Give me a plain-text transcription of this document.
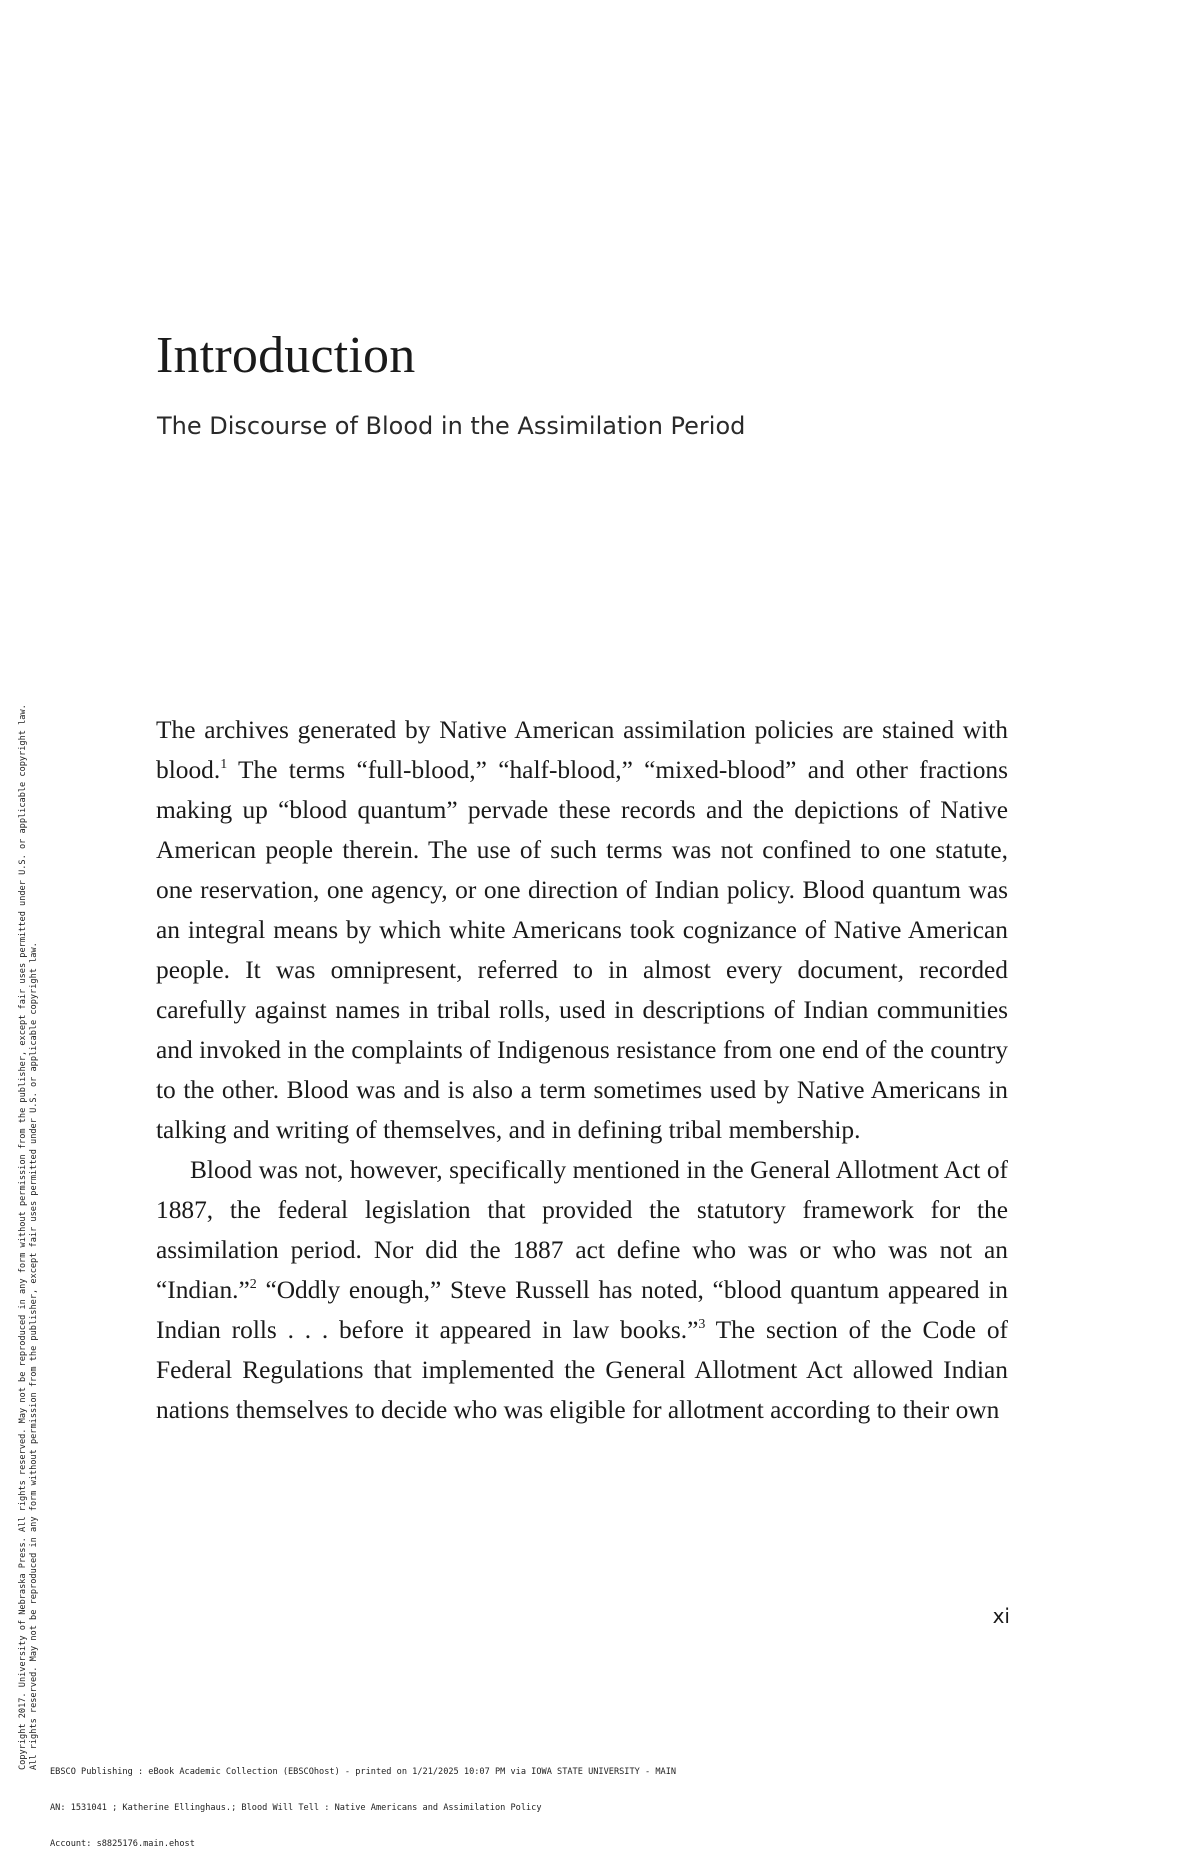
Introduction
The Discourse of Blood in the Assimilation Period

The archives generated by Native American assimilation policies are stained with blood.$^1$ The terms “full-blood,” “half-blood,” “mixed-blood” and other fractions making up “blood quantum” pervade these records and the depictions of Native American people therein. The use of such terms was not confined to one statute, one reservation, one agency, or one direction of Indian policy. Blood quantum was an integral means by which white Americans took cognizance of Native American people. It was omnipresent, referred to in almost every document, recorded carefully against names in tribal rolls, used in descriptions of Indian communities and invoked in the complaints of Indigenous resistance from one end of the country to the other. Blood was and is also a term sometimes used by Native Americans in talking and writing of themselves, and in defining tribal membership.

Blood was not, however, specifically mentioned in the General Allotment Act of 1887, the federal legislation that provided the statutory framework for the assimilation period. Nor did the 1887 act define who was or who was not an “Indian.”$^2$ “Oddly enough,” Steve Russell has noted, “blood quantum appeared in Indian rolls . . . before it appeared in law books.”$^3$ The section of the Code of Federal Regulations that implemented the General Allotment Act allowed Indian nations themselves to decide who was eligible for allotment according to their own

xi
Copyright 2017. University of Nebraska Press. All rights reserved. May not be reproduced in any form without permission from the publisher, except fair uses permitted under U.S. or applicable copyright law. All rights reserved. May not be reproduced in any form without permission from the publisher, except fair uses permitted under U.S. or applicable copyright law.

EBSCO Publishing : eBook Academic Collection (EBSCOhost) - printed on 1/21/2025 10:07 PM via IOWA STATE UNIVERSITY - MAIN

AN: 1531041 ; Katherine Ellinghaus.; Blood Will Tell : Native Americans and Assimilation Policy

Account: s8825176.main.ehost
